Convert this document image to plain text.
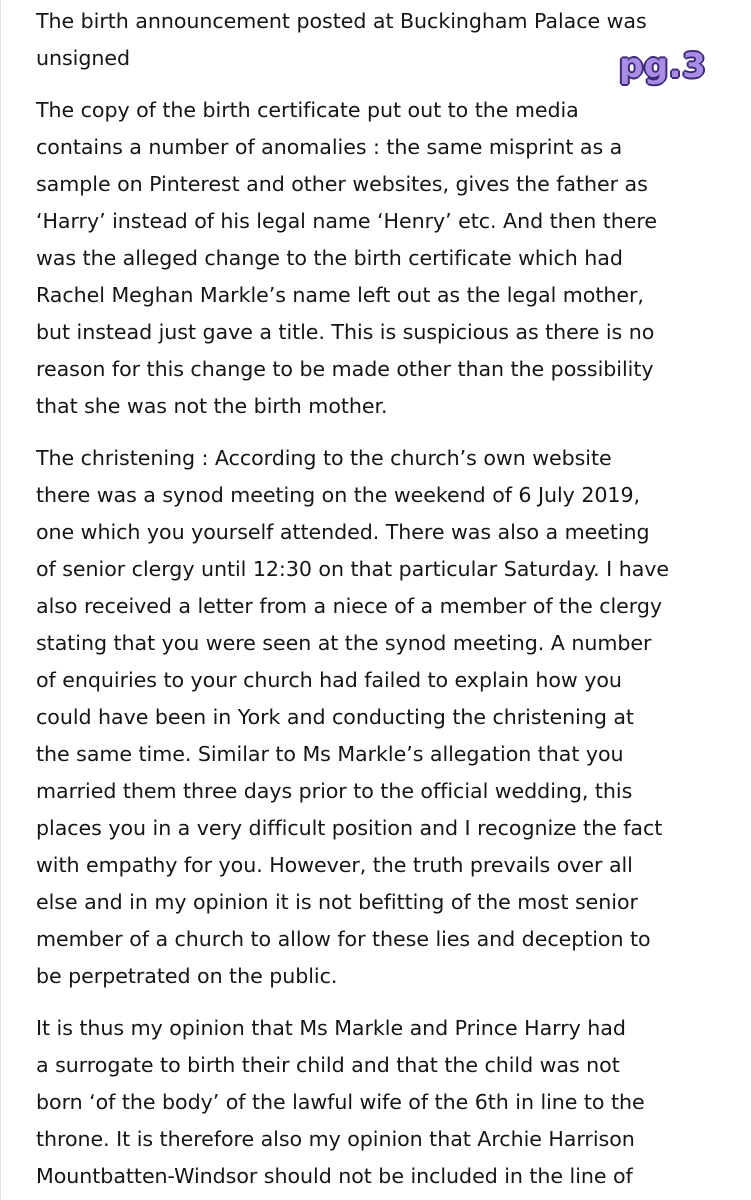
The birth announcement posted at Buckingham Palace was
unsigned

The copy of the birth certificate put out to the media
contains a number of anomalies : the same misprint as a
sample on Pinterest and other websites, gives the father as
‘Harry’ instead of his legal name ‘Henry’ etc. And then there
was the alleged change to the birth certificate which had
Rachel Meghan Markle’s name left out as the legal mother,
but instead just gave a title. This is suspicious as there is no
reason for this change to be made other than the possibility
that she was not the birth mother.

The christening : According to the church’s own website
there was a synod meeting on the weekend of 6 July 2019,
one which you yourself attended. There was also a meeting
of senior clergy until 12:30 on that particular Saturday. I have
also received a letter from a niece of a member of the clergy
stating that you were seen at the synod meeting. A number
of enquiries to your church had failed to explain how you
could have been in York and conducting the christening at
the same time. Similar to Ms Markle’s allegation that you
married them three days prior to the official wedding, this
places you in a very difficult position and I recognize the fact
with empathy for you. However, the truth prevails over all
else and in my opinion it is not befitting of the most senior
member of a church to allow for these lies and deception to
be perpetrated on the public.

It is thus my opinion that Ms Markle and Prince Harry had
a surrogate to birth their child and that the child was not
born ‘of the body’ of the lawful wife of the 6th in line to the
throne. It is therefore also my opinion that Archie Harrison
Mountbatten-Windsor should not be included in the line of

pg.3
